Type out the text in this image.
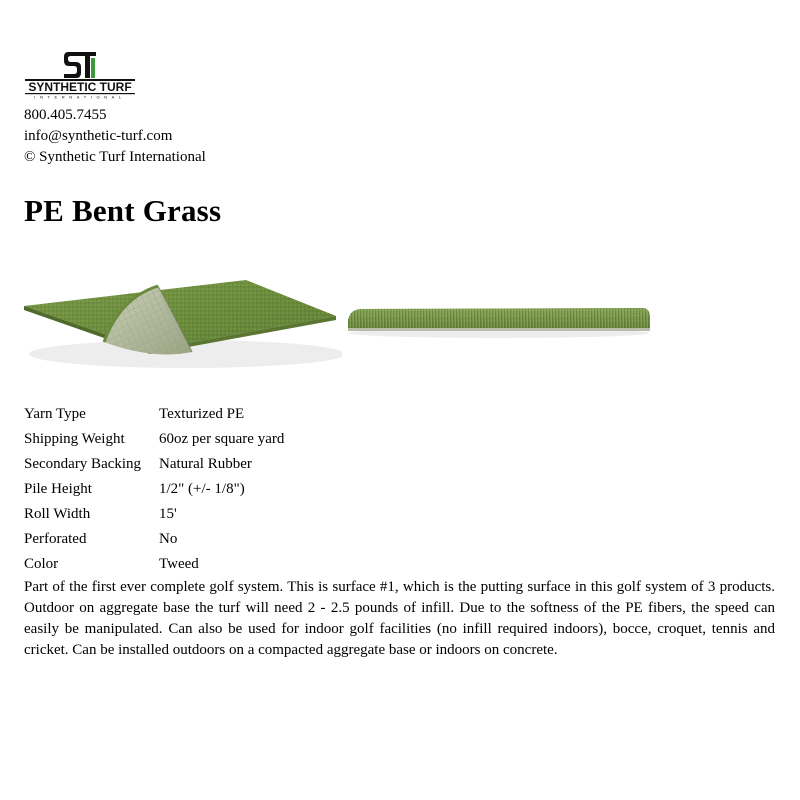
SYNTHETIC TURF
INTERNATIONAL
800.405.7455
info@synthetic-turf.com
© Synthetic Turf International
PE Bent Grass
Yarn Type	Texturized PE
Shipping Weight	60oz per square yard
Secondary Backing	Natural Rubber
Pile Height	1/2" (+/- 1/8")
Roll Width	15'
Perforated	No
Color	Tweed

Part of the first ever complete golf system. This is surface #1, which is the putting surface in this golf system of 3 products. Outdoor on aggregate base the turf will need 2 - 2.5 pounds of infill. Due to the softness of the PE fibers, the speed can easily be manipulated. Can also be used for indoor golf facilities (no infill required indoors), bocce, croquet, tennis and cricket. Can be installed outdoors on a compacted aggregate base or indoors on concrete.
